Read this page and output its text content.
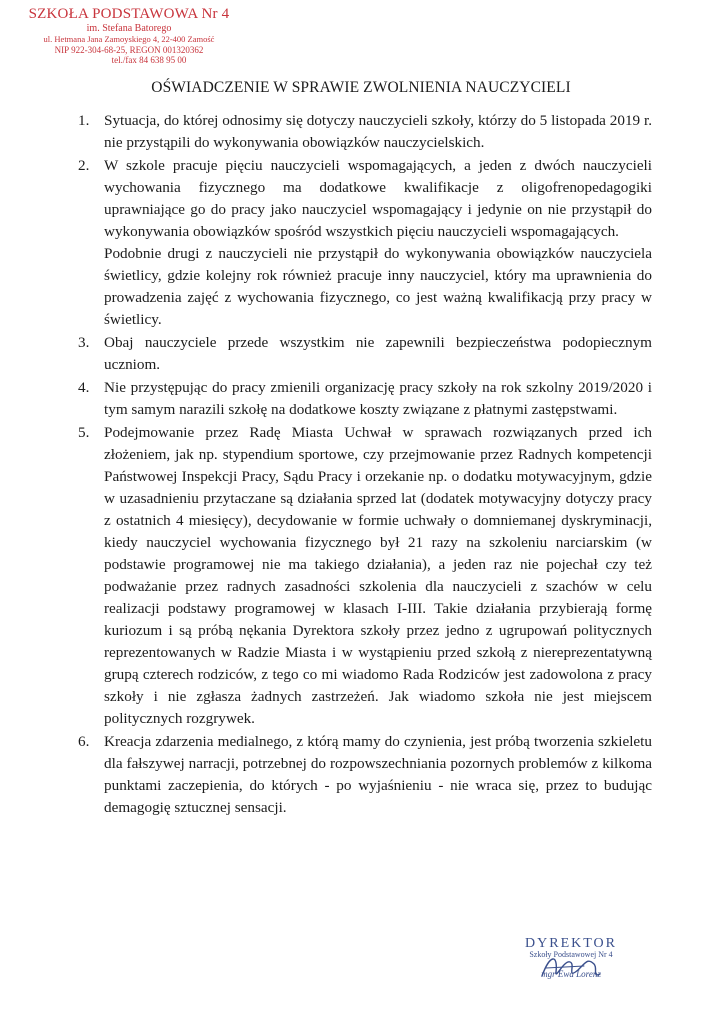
SZKOŁA PODSTAWOWA Nr 4
im. Stefana Batorego
ul. Hetmana Jana Zamoyskiego 4, 22-400 Zamość
NIP 922-304-68-25, REGON 001320362
tel./fax 84 638 95 00
OŚWIADCZENIE W SPRAWIE ZWOLNIENIA NAUCZYCIELI
1. Sytuacja, do której odnosimy się dotyczy nauczycieli szkoły, którzy do 5 listopada 2019 r. nie przystąpili do wykonywania obowiązków nauczycielskich.

2. W szkole pracuje pięciu nauczycieli wspomagających, a jeden z dwóch nauczycieli wychowania fizycznego ma dodatkowe kwalifikacje z oligofrenopedagogiki uprawniające go do pracy jako nauczyciel wspomagający i jedynie on nie przystąpił do wykonywania obowiązków spośród wszystkich pięciu nauczycieli wspomagających.

Podobnie drugi z nauczycieli nie przystąpił do wykonywania obowiązków nauczyciela świetlicy, gdzie kolejny rok również pracuje inny nauczyciel, który ma uprawnienia do prowadzenia zajęć z wychowania fizycznego, co jest ważną kwalifikacją przy pracy w świetlicy.

3. Obaj nauczyciele przede wszystkim nie zapewnili bezpieczeństwa podopiecznym uczniom.

4. Nie przystępując do pracy zmienili organizację pracy szkoły na rok szkolny 2019/2020 i tym samym narazili szkołę na dodatkowe koszty związane z płatnymi zastępstwami.

5. Podejmowanie przez Radę Miasta Uchwał w sprawach rozwiązanych przed ich złożeniem, jak np. stypendium sportowe, czy przejmowanie przez Radnych kompetencji Państwowej Inspekcji Pracy, Sądu Pracy i orzekanie np. o dodatku motywacyjnym, gdzie w uzasadnieniu przytaczane są działania sprzed lat (dodatek motywacyjny dotyczy pracy z ostatnich 4 miesięcy), decydowanie w formie uchwały o domniemanej dyskryminacji, kiedy nauczyciel wychowania fizycznego był 21 razy na szkoleniu narciarskim (w podstawie programowej nie ma takiego działania), a jeden raz nie pojechał czy też podważanie przez radnych zasadności szkolenia dla nauczycieli z szachów w celu realizacji podstawy programowej w klasach I-III. Takie działania przybierają formę kuriozum i są próbą nękania Dyrektora szkoły przez jedno z ugrupowań politycznych reprezentowanych w Radzie Miasta i w wystąpieniu przed szkołą z niereprezentatywną grupą czterech rodziców, z tego co mi wiadomo Rada Rodziców jest zadowolona z pracy szkoły i nie zgłasza żadnych zastrzeżeń. Jak wiadomo szkoła nie jest miejscem politycznych rozgrywek.

6. Kreacja zdarzenia medialnego, z którą mamy do czynienia, jest próbą tworzenia szkieletu dla fałszywej narracji, potrzebnej do rozpowszechniania pozornych problemów z kilkoma punktami zaczepienia, do których - po wyjaśnieniu - nie wraca się, przez to budując demagogię sztucznej sensacji.

DYREKTOR
Szkoły Podstawowej Nr 4
mgr Ewa Lorenz
